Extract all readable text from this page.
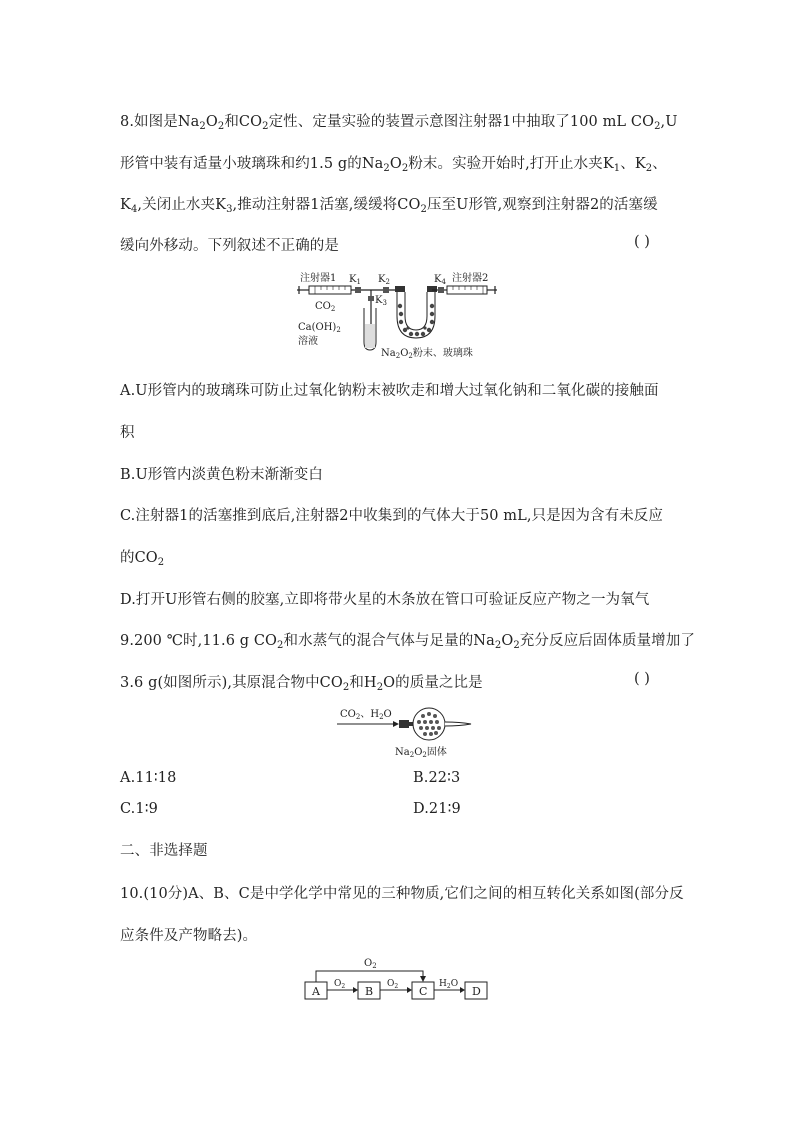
8.如图是$Na_2O_2$和$CO_2$定性、定量实验的装置示意图注射器1中抽取了100 mL $CO_2,U$
形管中装有适量小玻璃珠和约1.5 g的$Na_2O_2$粉末。实验开始时,打开止水夹$K_1$、$K_2$、
$K_4$,关闭止水夹$K_3$,推动注射器1活塞,缓缓将$CO_2$压至U形管,观察到注射器2的活塞缓
缓向外移动。下列叙述不正确的是	( )
注射器1
$CO_2$
$K_1$ $K_2$
$K_3$
$Ca(OH)_2$
溶液
$K_4$ 注射器2
$Na_2O_2$粉末、玻璃珠
A.U形管内的玻璃珠可防止过氧化钠粉末被吹走和增大过氧化钠和二氧化碳的接触面
积
B.U形管内淡黄色粉末渐渐变白
C.注射器1的活塞推到底后,注射器2中收集到的气体大于50 mL,只是因为含有未反应
的$CO_2$
D.打开U形管右侧的胶塞,立即将带火星的木条放在管口可验证反应产物之一为氧气
9.200 ℃时,11.6 g $CO_2$和水蒸气的混合气体与足量的$Na_2O_2$充分反应后固体质量增加了
3.6 g(如图所示),其原混合物中$CO_2$和$H_2O$的质量之比是	( )
$CO_2$、$H_2O$
$Na_2O_2$固体
A.11∶18	B.22∶3
C.1∶9	D.21∶9
二、非选择题
10.(10分)A、B、C是中学化学中常见的三种物质,它们之间的相互转化关系如图(部分反
应条件及产物略去)。
$O_2$
A
$O_2$ B
$O_2$ C
$H_2O$
D
